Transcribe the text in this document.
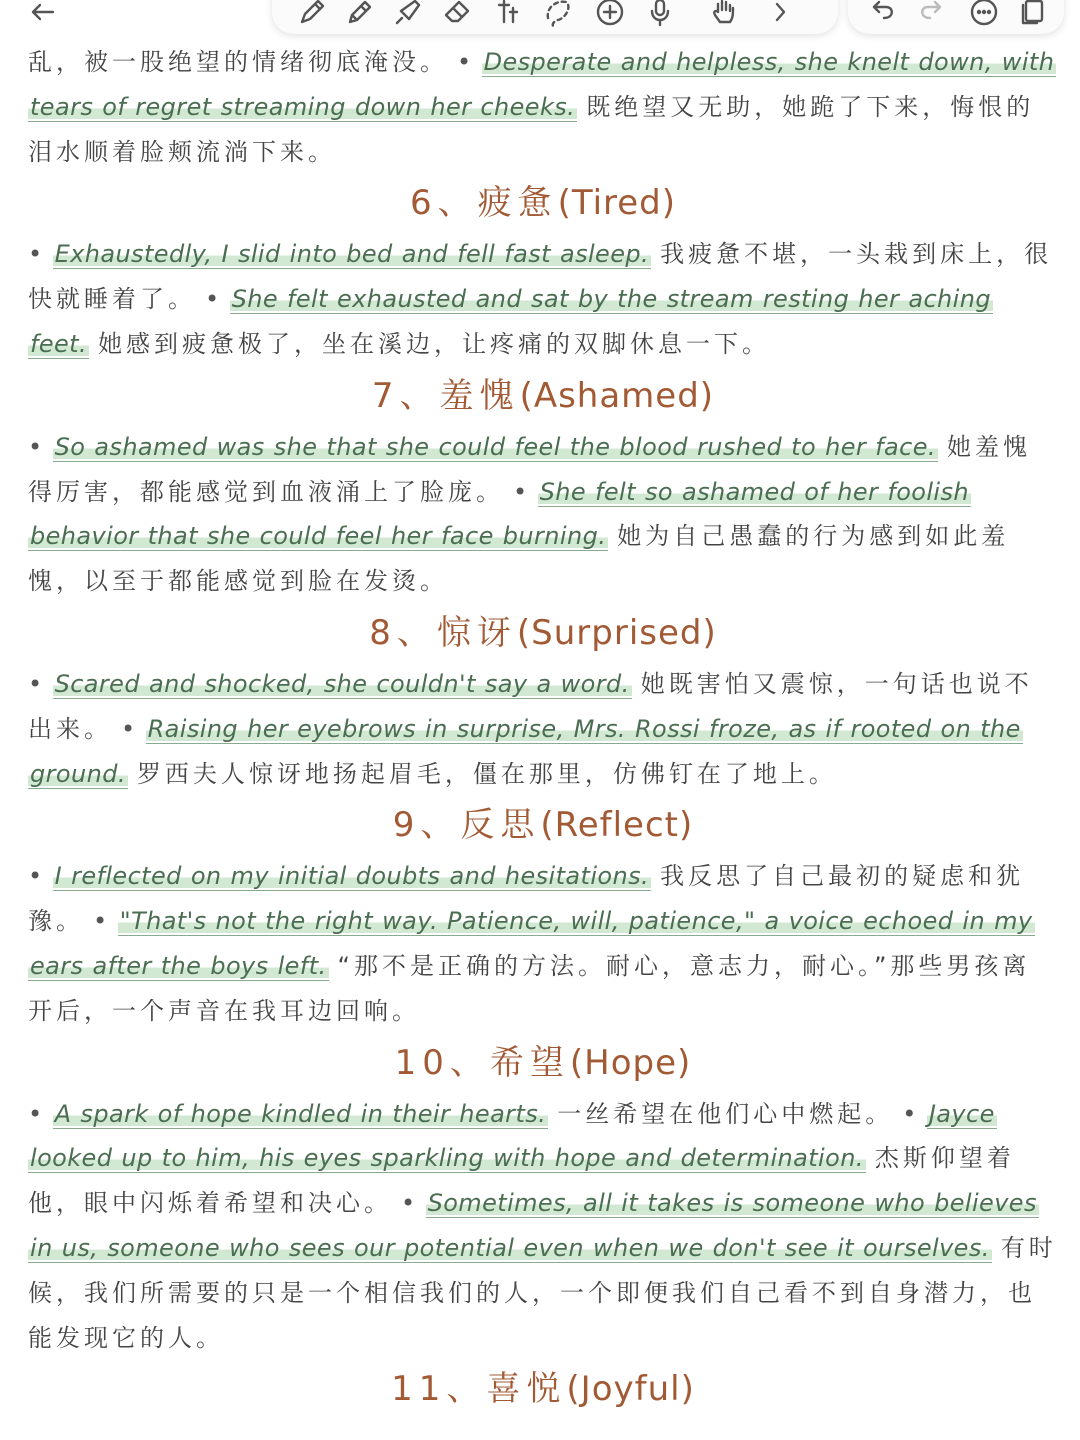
乱，被一股绝望的情绪彻底淹没。 • Desperate and helpless, she knelt down, with tears of regret streaming down her cheeks. 既绝望又无助，她跪了下来，悔恨的泪水顺着脸颊流淌下来。

6、疲惫(Tired)

• Exhaustedly, I slid into bed and fell fast asleep. 我疲惫不堪，一头栽到床上，很快就睡着了。 • She felt exhausted and sat by the stream resting her aching feet. 她感到疲惫极了，坐在溪边，让疼痛的双脚休息一下。

7、羞愧(Ashamed)

• So ashamed was she that she could feel the blood rushed to her face. 她羞愧得厉害，都能感觉到血液涌上了脸庞。 • She felt so ashamed of her foolish behavior that she could feel her face burning. 她为自己愚蠢的行为感到如此羞愧，以至于都能感觉到脸在发烫。

8、惊讶(Surprised)

• Scared and shocked, she couldn't say a word. 她既害怕又震惊，一句话也说不出来。 • Raising her eyebrows in surprise, Mrs. Rossi froze, as if rooted on the ground. 罗西夫人惊讶地扬起眉毛，僵在那里，仿佛钉在了地上。

9、反思(Reflect)

• I reflected on my initial doubts and hesitations. 我反思了自己最初的疑虑和犹豫。 • "That's not the right way. Patience, will, patience," a voice echoed in my ears after the boys left. “那不是正确的方法。耐心，意志力，耐心。”那些男孩离开后，一个声音在我耳边回响。

10、希望(Hope)

• A spark of hope kindled in their hearts. 一丝希望在他们心中燃起。 • Jayce looked up to him, his eyes sparkling with hope and determination. 杰斯仰望着他，眼中闪烁着希望和决心。 • Sometimes, all it takes is someone who believes in us, someone who sees our potential even when we don't see it ourselves. 有时候，我们所需要的只是一个相信我们的人，一个即便我们自己看不到自身潜力，也能发现它的人。

11、喜悦(Joyful)
